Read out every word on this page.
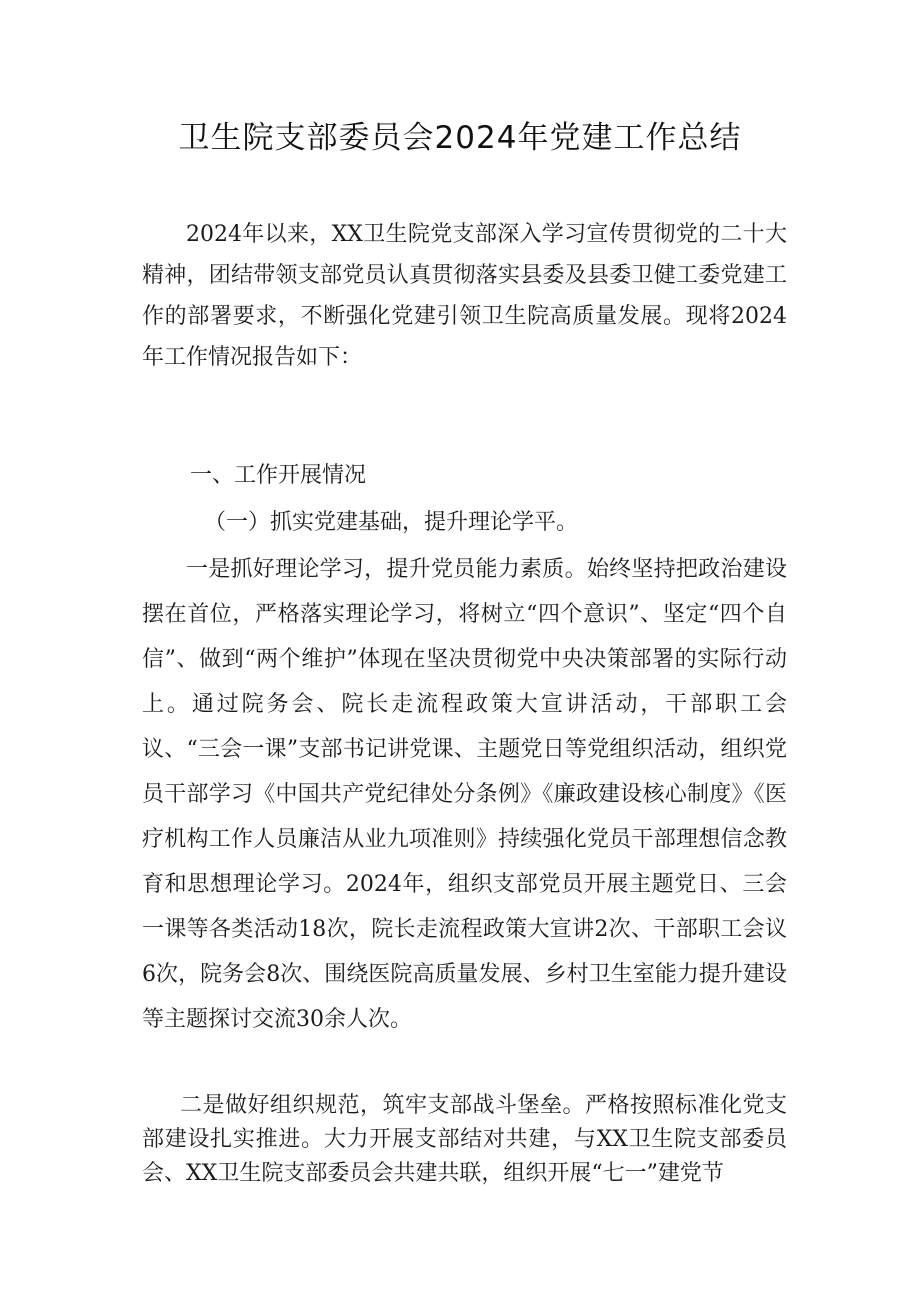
卫生院支部委员会2024年党建工作总结

2024年以来，XX卫生院党支部深入学习宣传贯彻党的二十大精神，团结带领支部党员认真贯彻落实县委及县委卫健工委党建工作的部署要求，不断强化党建引领卫生院高质量发展。现将2024年工作情况报告如下：

一、工作开展情况

（一）抓实党建基础，提升理论学平。

一是抓好理论学习，提升党员能力素质。始终坚持把政治建设摆在首位，严格落实理论学习，将树立“四个意识”、坚定“四个自信”、做到“两个维护”体现在坚决贯彻党中央决策部署的实际行动上。通过院务会、院长走流程政策大宣讲活动，干部职工会议、“三会一课”支部书记讲党课、主题党日等党组织活动，组织党员干部学习《中国共产党纪律处分条例》《廉政建设核心制度》《医疗机构工作人员廉洁从业九项准则》持续强化党员干部理想信念教育和思想理论学习。2024年，组织支部党员开展主题党日、三会一课等各类活动18次，院长走流程政策大宣讲2次、干部职工会议6次，院务会8次、围绕医院高质量发展、乡村卫生室能力提升建设等主题探讨交流30余人次。

二是做好组织规范，筑牢支部战斗堡垒。严格按照标准化党支部建设扎实推进。大力开展支部结对共建，与XX卫生院支部委员会、XX卫生院支部委员会共建共联，组织开展“七一”建党节
